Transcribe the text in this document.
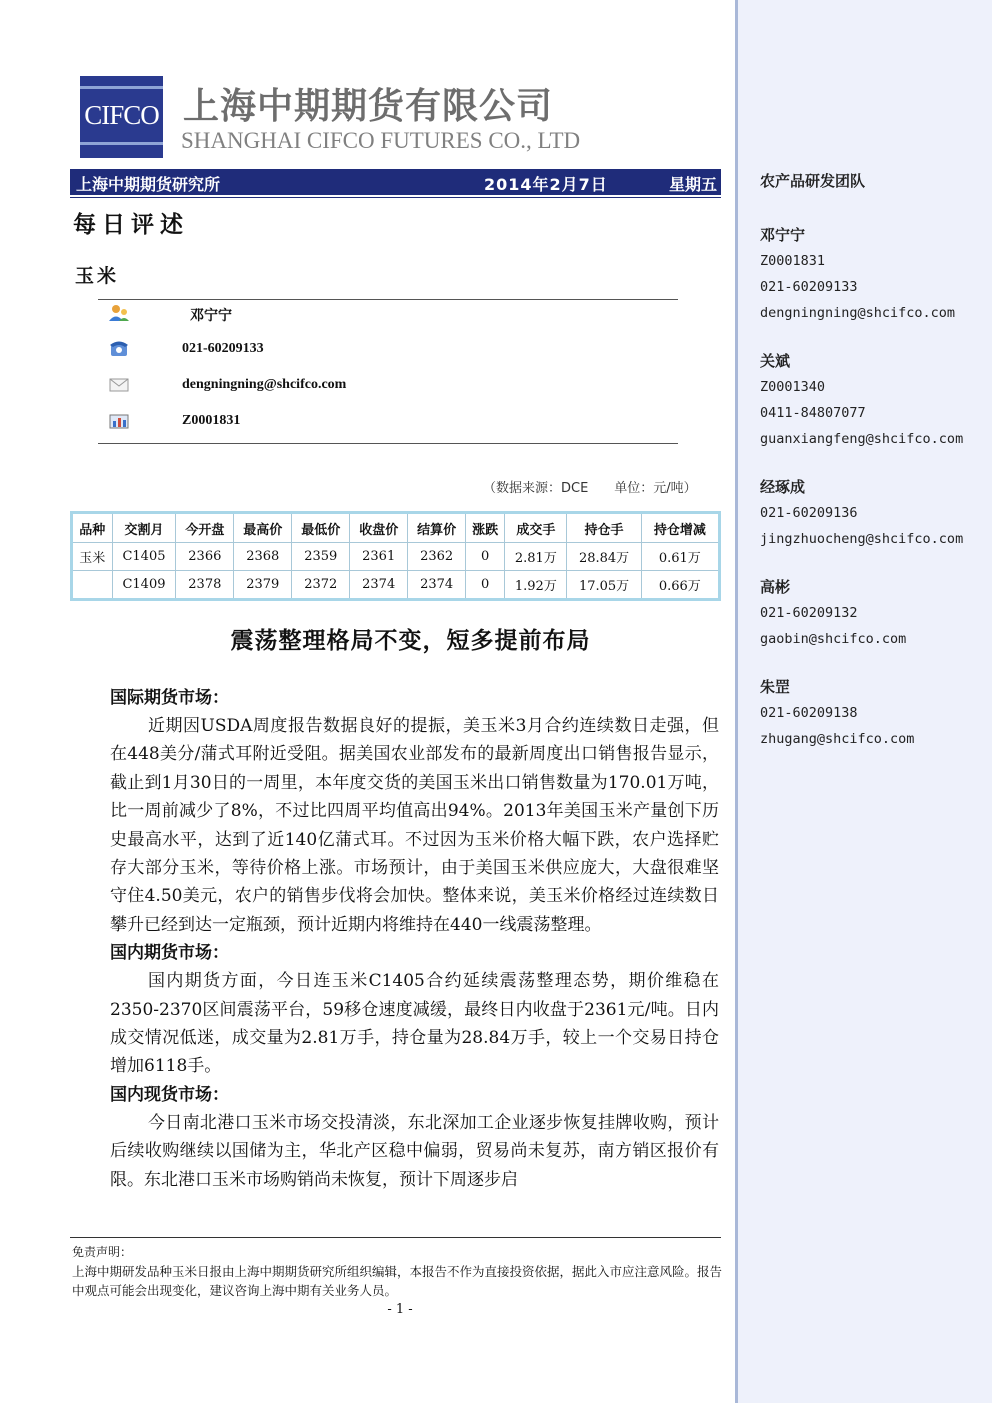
CIFCO 上海中期期货有限公司
SHANGHAI CIFCO FUTURES CO., LTD
上海中期期货研究所	2014年2月7日	星期五
每日评述
玉米
邓宁宁
021-60209133
dengningning@shcifco.com
Z0001831
（数据来源：DCE　　单位：元/吨）
品种	交割月	今开盘	最高价	最低价	收盘价	结算价	涨跌	成交手	持仓手	持仓增减
玉米	C1405	2366	2368	2359	2361	2362	0	2.81万	28.84万	0.61万
	C1409	2378	2379	2372	2374	2374	0	1.92万	17.05万	0.66万
震荡整理格局不变，短多提前布局
国际期货市场：

近期因USDA周度报告数据良好的提振，美玉米3月合约连续数日走强，但在448美分/蒲式耳附近受阻。据美国农业部发布的最新周度出口销售报告显示，截止到1月30日的一周里，本年度交货的美国玉米出口销售数量为170.01万吨，比一周前减少了8%，不过比四周平均值高出94%。2013年美国玉米产量创下历史最高水平，达到了近140亿蒲式耳。不过因为玉米价格大幅下跌，农户选择贮存大部分玉米，等待价格上涨。市场预计，由于美国玉米供应庞大，大盘很难坚守住4.50美元，农户的销售步伐将会加快。整体来说，美玉米价格经过连续数日攀升已经到达一定瓶颈，预计近期内将维持在440一线震荡整理。

国内期货市场：

国内期货方面，今日连玉米C1405合约延续震荡整理态势，期价维稳在2350-2370区间震荡平台，59移仓速度减缓，最终日内收盘于2361元/吨。日内成交情况低迷，成交量为2.81万手，持仓量为28.84万手，较上一个交易日持仓增加6118手。

国内现货市场：

今日南北港口玉米市场交投清淡，东北深加工企业逐步恢复挂牌收购，预计后续收购继续以国储为主，华北产区稳中偏弱，贸易尚未复苏，南方销区报价有限。东北港口玉米市场购销尚未恢复，预计下周逐步启

免责声明：
上海中期研发品种玉米日报由上海中期期货研究所组织编辑，本报告不作为直接投资依据，据此入市应注意风险。报告中观点可能会出现变化，建议咨询上海中期有关业务人员。
- 1 -
农产品研发团队
邓宁宁
Z0001831
021-60209133
dengningning@shcifco.com
关斌
Z0001340
0411-84807077
guanxiangfeng@shcifco.com
经琢成
021-60209136
jingzhuocheng@shcifco.com
高彬
021-60209132
gaobin@shcifco.com
朱罡
021-60209138
zhugang@shcifco.com
